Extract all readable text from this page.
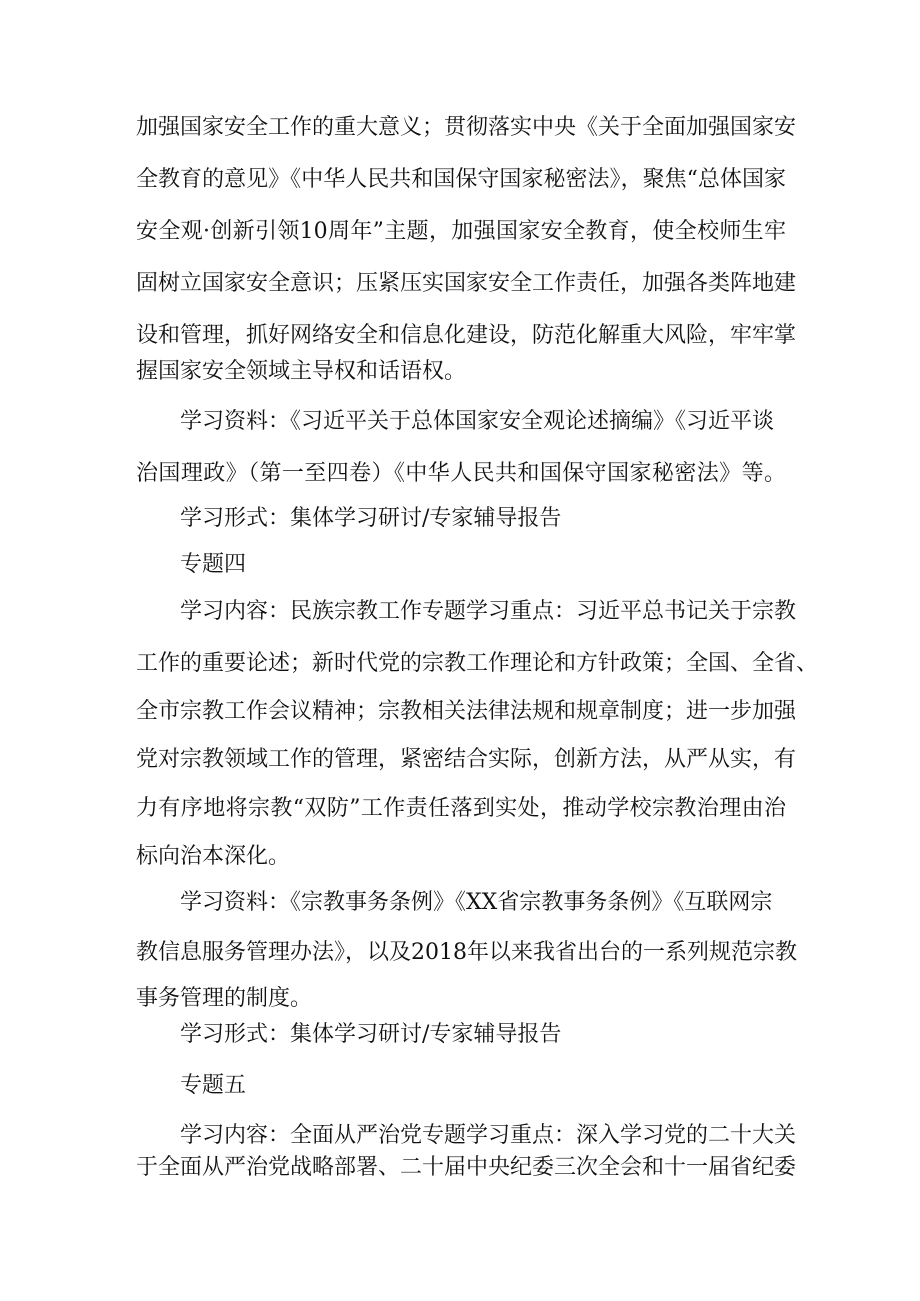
加强国家安全工作的重大意义；贯彻落实中央《关于全面加强国家安
全教育的意见》《中华人民共和国保守国家秘密法》，聚焦“总体国家
安全观·创新引领10周年”主题，加强国家安全教育，使全校师生牢
固树立国家安全意识；压紧压实国家安全工作责任，加强各类阵地建
设和管理，抓好网络安全和信息化建设，防范化解重大风险，牢牢掌
握国家安全领域主导权和话语权。
学习资料：《习近平关于总体国家安全观论述摘编》《习近平谈
治国理政》（第一至四卷）《中华人民共和国保守国家秘密法》等。
学习形式：集体学习研讨/专家辅导报告
专题四
学习内容：民族宗教工作专题学习重点：习近平总书记关于宗教
工作的重要论述；新时代党的宗教工作理论和方针政策；全国、全省、
全市宗教工作会议精神；宗教相关法律法规和规章制度；进一步加强
党对宗教领域工作的管理，紧密结合实际，创新方法，从严从实，有
力有序地将宗教“双防”工作责任落到实处，推动学校宗教治理由治
标向治本深化。
学习资料：《宗教事务条例》《XX省宗教事务条例》《互联网宗
教信息服务管理办法》，以及2018年以来我省出台的一系列规范宗教
事务管理的制度。
学习形式：集体学习研讨/专家辅导报告
专题五
学习内容：全面从严治党专题学习重点：深入学习党的二十大关
于全面从严治党战略部署、二十届中央纪委三次全会和十一届省纪委
